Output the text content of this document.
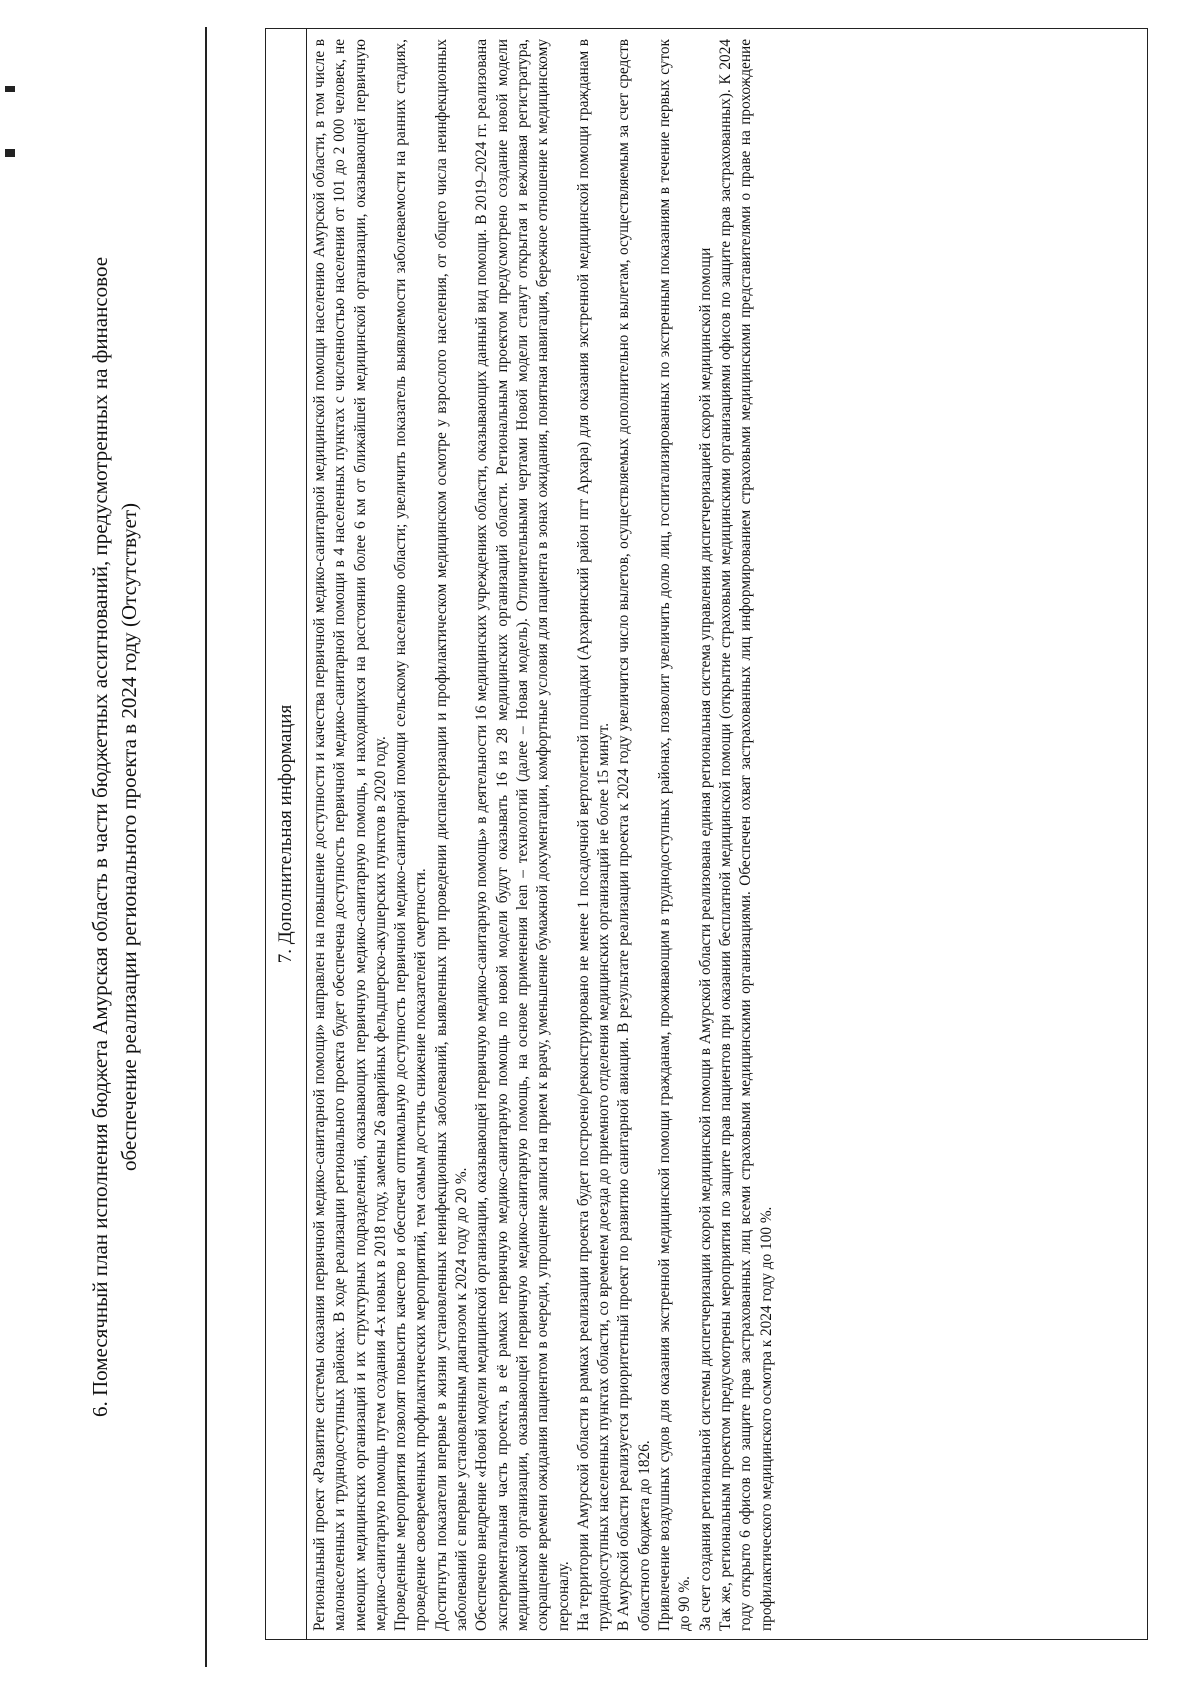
6. Помесячный план исполнения бюджета Амурская область в части бюджетных ассигнований, предусмотренных на финансовое обеспечение реализации регионального проекта в 2024 году (Отсутствует)	7. Дополнительная информация Региональный проект «Развитие системы оказания первичной медико-санитарной помощи» направлен на повышение доступности и качества первичной медико-санитарной медицинской помощи населению Амурской области, в том числе в малонаселенных и труднодоступных районах. В ходе реализации регионального проекта будет обеспечена доступность первичной медико-санитарной помощи в 4 населенных пунктах с численностью населения от 101 до 2 000 человек, не имеющих медицинских организаций и их структурных подразделений, оказывающих первичную медико-санитарную помощь, и находящихся на расстоянии более 6 км от ближайшей медицинской организации, оказывающей первичную медико-санитарную помощь путем создания 4-х новых в 2018 году, замены 26 аварийных фельдшерско-акушерских пунктов в 2020 году. Проведенные мероприятия позволят повысить качество и обеспечат оптимальную доступность первичной медико-санитарной помощи сельскому населению области; увеличить показатель выявляемости заболеваемости на ранних стадиях, проведение своевременных профилактических мероприятий, тем самым достичь снижение показателей смертности. Достигнуты показатели впервые в жизни установленных неинфекционных заболеваний, выявленных при проведении диспансеризации и профилактическом медицинском осмотре у взрослого населения, от общего числа неинфекционных заболеваний с впервые установленным диагнозом к 2024 году до 20 %. Обеспечено внедрение «Новой модели медицинской организации, оказывающей первичную медико-санитарную помощь» в деятельности 16 медицинских учреждениях области, оказывающих данный вид помощи. В 2019–2024 гг. реализована экспериментальная часть проекта, в её рамках первичную медико-санитарную помощь по новой модели будут оказывать 16 из 28 медицинских организаций области. Региональным проектом предусмотрено создание новой модели медицинской организации, оказывающей первичную медико-санитарную помощь, на основе применения lean – технологий (далее – Новая модель). Отличительными чертами Новой модели станут открытая и вежливая регистратура, сокращение времени ожидания пациентом в очереди, упрощение записи на прием к врачу, уменьшение бумажной документации, комфортные условия для пациента в зонах ожидания, понятная навигация, бережное отношение к медицинскому персоналу. На территории Амурской области в рамках реализации проекта будет построено/реконструировано не менее 1 посадочной вертолетной площадки (Архаринский район пгт Архара) для оказания экстренной медицинской помощи гражданам в труднодоступных населенных пунктах области, со временем доезда до приемного отделения медицинских организаций не более 15 минут. В Амурской области реализуется приоритетный проект по развитию санитарной авиации. В результате реализации проекта к 2024 году увеличится число вылетов, осуществляемых дополнительно к вылетам, осуществляемым за счет средств областного бюджета до 1826. Привлечение воздушных судов для оказания экстренной медицинской помощи гражданам, проживающим в труднодоступных районах, позволит увеличить долю лиц, госпитализированных по экстренным показаниям в течение первых суток до 90 %. За счет создания региональной системы диспетчеризации скорой медицинской помощи в Амурской области реализована единая региональная система управления диспетчеризацией скорой медицинской помощи Так же, региональным проектом предусмотрены мероприятия по защите прав пациентов при оказании бесплатной медицинской помощи (открытие страховыми медицинскими организациями офисов по защите прав застрахованных). К 2024 году открыто 6 офисов по защите прав застрахованных лиц всеми страховыми медицинскими организациями. Обеспечен охват застрахованных лиц информированием страховыми медицинскими представителями о праве на прохождение профилактического медицинского осмотра к 2024 году до 100 %.
